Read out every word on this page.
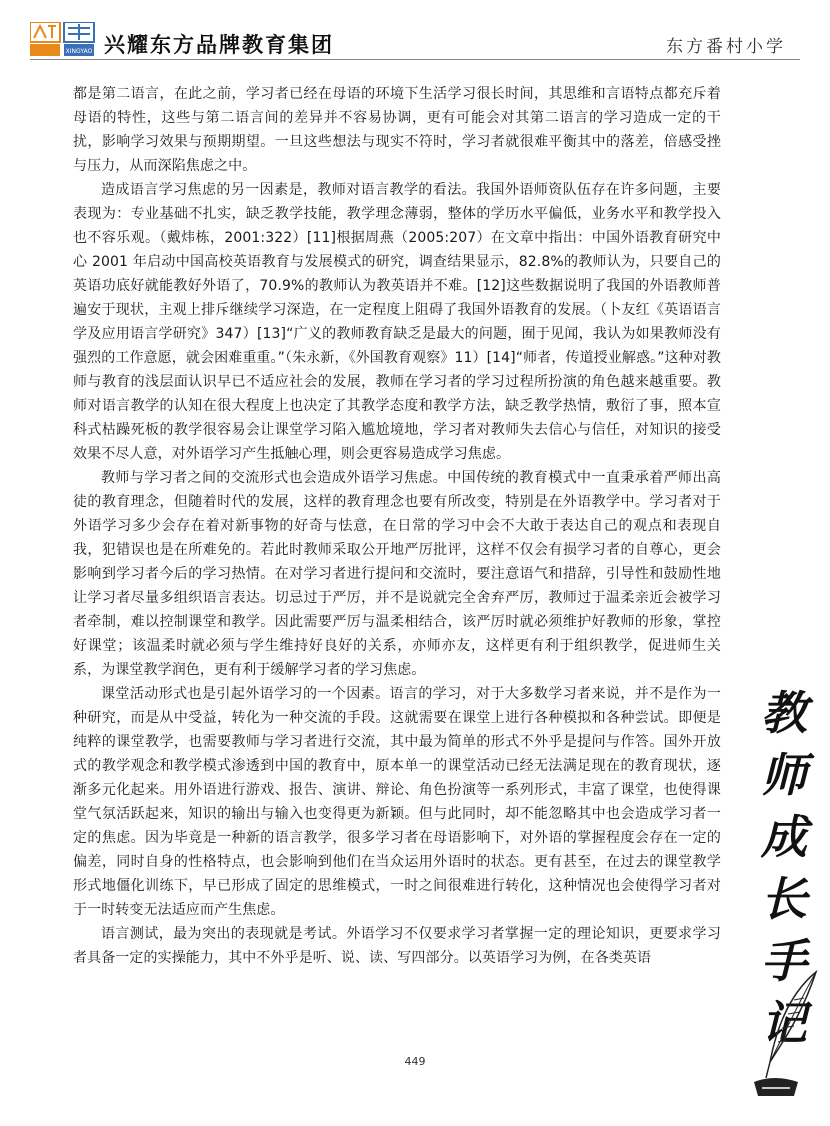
XINGYAO 兴耀东方品牌教育集团	东方番村小学

都是第二语言，在此之前，学习者已经在母语的环境下生活学习很长时间，其思维和言语特点都充斥着母语的特性，这些与第二语言间的差异并不容易协调，更有可能会对其第二语言的学习造成一定的干扰，影响学习效果与预期期望。一旦这些想法与现实不符时，学习者就很难平衡其中的落差，倍感受挫与压力，从而深陷焦虑之中。

造成语言学习焦虑的另一因素是，教师对语言教学的看法。我国外语师资队伍存在许多问题，主要表现为：专业基础不扎实，缺乏教学技能，教学理念薄弱，整体的学历水平偏低，业务水平和教学投入也不容乐观。（戴炜栋，2001:322）[11]根据周燕（2005:207）在文章中指出：中国外语教育研究中心 2001 年启动中国高校英语教育与发展模式的研究，调查结果显示，82.8%的教师认为，只要自己的英语功底好就能教好外语了，70.9%的教师认为教英语并不难。[12]这些数据说明了我国的外语教师普遍安于现状，主观上排斥继续学习深造，在一定程度上阻碍了我国外语教育的发展。（卜友红《英语语言学及应用语言学研究》347）[13]“广义的教师教育缺乏是最大的问题，囿于见闻，我认为如果教师没有强烈的工作意愿，就会困难重重。”（朱永新，《外国教育观察》11）[14]“师者，传道授业解惑。”这种对教师与教育的浅层面认识早已不适应社会的发展，教师在学习者的学习过程所扮演的角色越来越重要。教师对语言教学的认知在很大程度上也决定了其教学态度和教学方法，缺乏教学热情，敷衍了事，照本宣科式枯躁死板的教学很容易会让课堂学习陷入尴尬境地，学习者对教师失去信心与信任，对知识的接受效果不尽人意，对外语学习产生抵触心理，则会更容易造成学习焦虑。

教师与学习者之间的交流形式也会造成外语学习焦虑。中国传统的教育模式中一直秉承着严师出高徒的教育理念，但随着时代的发展，这样的教育理念也要有所改变，特别是在外语教学中。学习者对于外语学习多少会存在着对新事物的好奇与怯意，在日常的学习中会不大敢于表达自己的观点和表现自我，犯错误也是在所难免的。若此时教师采取公开地严厉批评，这样不仅会有损学习者的自尊心，更会影响到学习者今后的学习热情。在对学习者进行提问和交流时，要注意语气和措辞，引导性和鼓励性地让学习者尽量多组织语言表达。切忌过于严厉，并不是说就完全舍弃严厉，教师过于温柔亲近会被学习者牵制，难以控制课堂和教学。因此需要严厉与温柔相结合，该严厉时就必须维护好教师的形象，掌控好课堂；该温柔时就必须与学生维持好良好的关系，亦师亦友，这样更有利于组织教学，促进师生关系，为课堂教学润色，更有利于缓解学习者的学习焦虑。

课堂活动形式也是引起外语学习的一个因素。语言的学习，对于大多数学习者来说，并不是作为一种研究，而是从中受益，转化为一种交流的手段。这就需要在课堂上进行各种模拟和各种尝试。即便是纯粹的课堂教学，也需要教师与学习者进行交流，其中最为简单的形式不外乎是提问与作答。国外开放式的教学观念和教学模式渗透到中国的教育中，原本单一的课堂活动已经无法满足现在的教育现状，逐渐多元化起来。用外语进行游戏、报告、演讲、辩论、角色扮演等一系列形式，丰富了课堂，也使得课堂气氛活跃起来，知识的输出与输入也变得更为新颖。但与此同时，却不能忽略其中也会造成学习者一定的焦虑。因为毕竟是一种新的语言教学，很多学习者在母语影响下，对外语的掌握程度会存在一定的偏差，同时自身的性格特点，也会影响到他们在当众运用外语时的状态。更有甚至，在过去的课堂教学形式地僵化训练下，早已形成了固定的思维模式，一时之间很难进行转化，这种情况也会使得学习者对于一时转变无法适应而产生焦虑。

语言测试，最为突出的表现就是考试。外语学习不仅要求学习者掌握一定的理论知识，更要求学习者具备一定的实操能力，其中不外乎是听、说、读、写四部分。以英语学习为例，在各类英语

教
师
成
长
手
记
449
